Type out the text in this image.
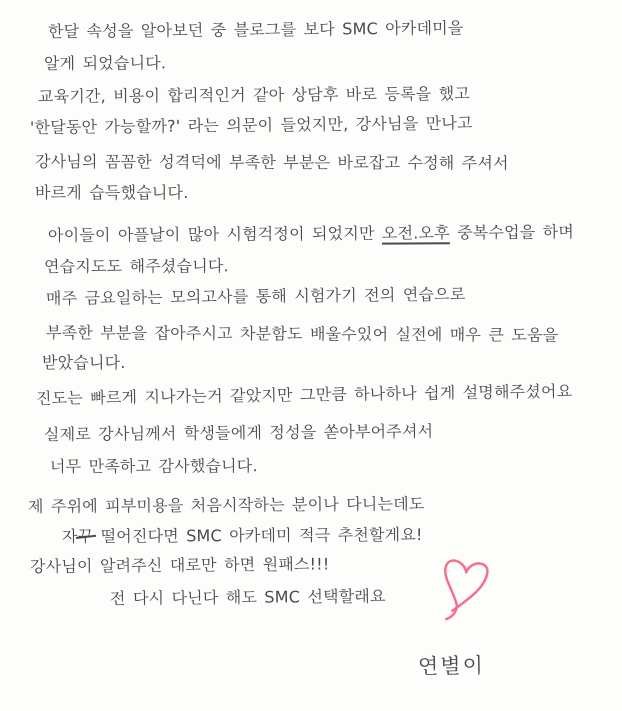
한달 속성을 알아보던 중 블로그를 보다 SMC 아카데미을
알게 되었습니다.
교육기간, 비용이 합리적인거 같아 상담후 바로 등록을 했고
'한달동안 가능할까?' 라는 의문이 들었지만, 강사님을 만나고
강사님의 꼼꼼한 성격덕에 부족한 부분은 바로잡고 수정해 주셔서
바르게 습득했습니다.
아이들이 아플날이 많아 시험걱정이 되었지만 오전.오후 중복수업을 하며
연습지도도 해주셨습니다.
매주 금요일하는 모의고사를 통해 시험가기 전의 연습으로
부족한 부분을 잡아주시고 차분함도 배울수있어 실전에 매우 큰 도움을
받았습니다.
진도는 빠르게 지나가는거 같았지만 그만큼 하나하나 쉽게 설명해주셨어요
실제로 강사님께서 학생들에게 정성을 쏟아부어주셔서
너무 만족하고 감사했습니다.
제 주위에 피부미용을 처음시작하는 분이나 다니는데도
자꾸 떨어진다면 SMC 아카데미 적극 추천할게요!
강사님이 알려주신 대로만 하면 원패스!!!
전 다시 다닌다 해도 SMC 선택할래요
연별이
